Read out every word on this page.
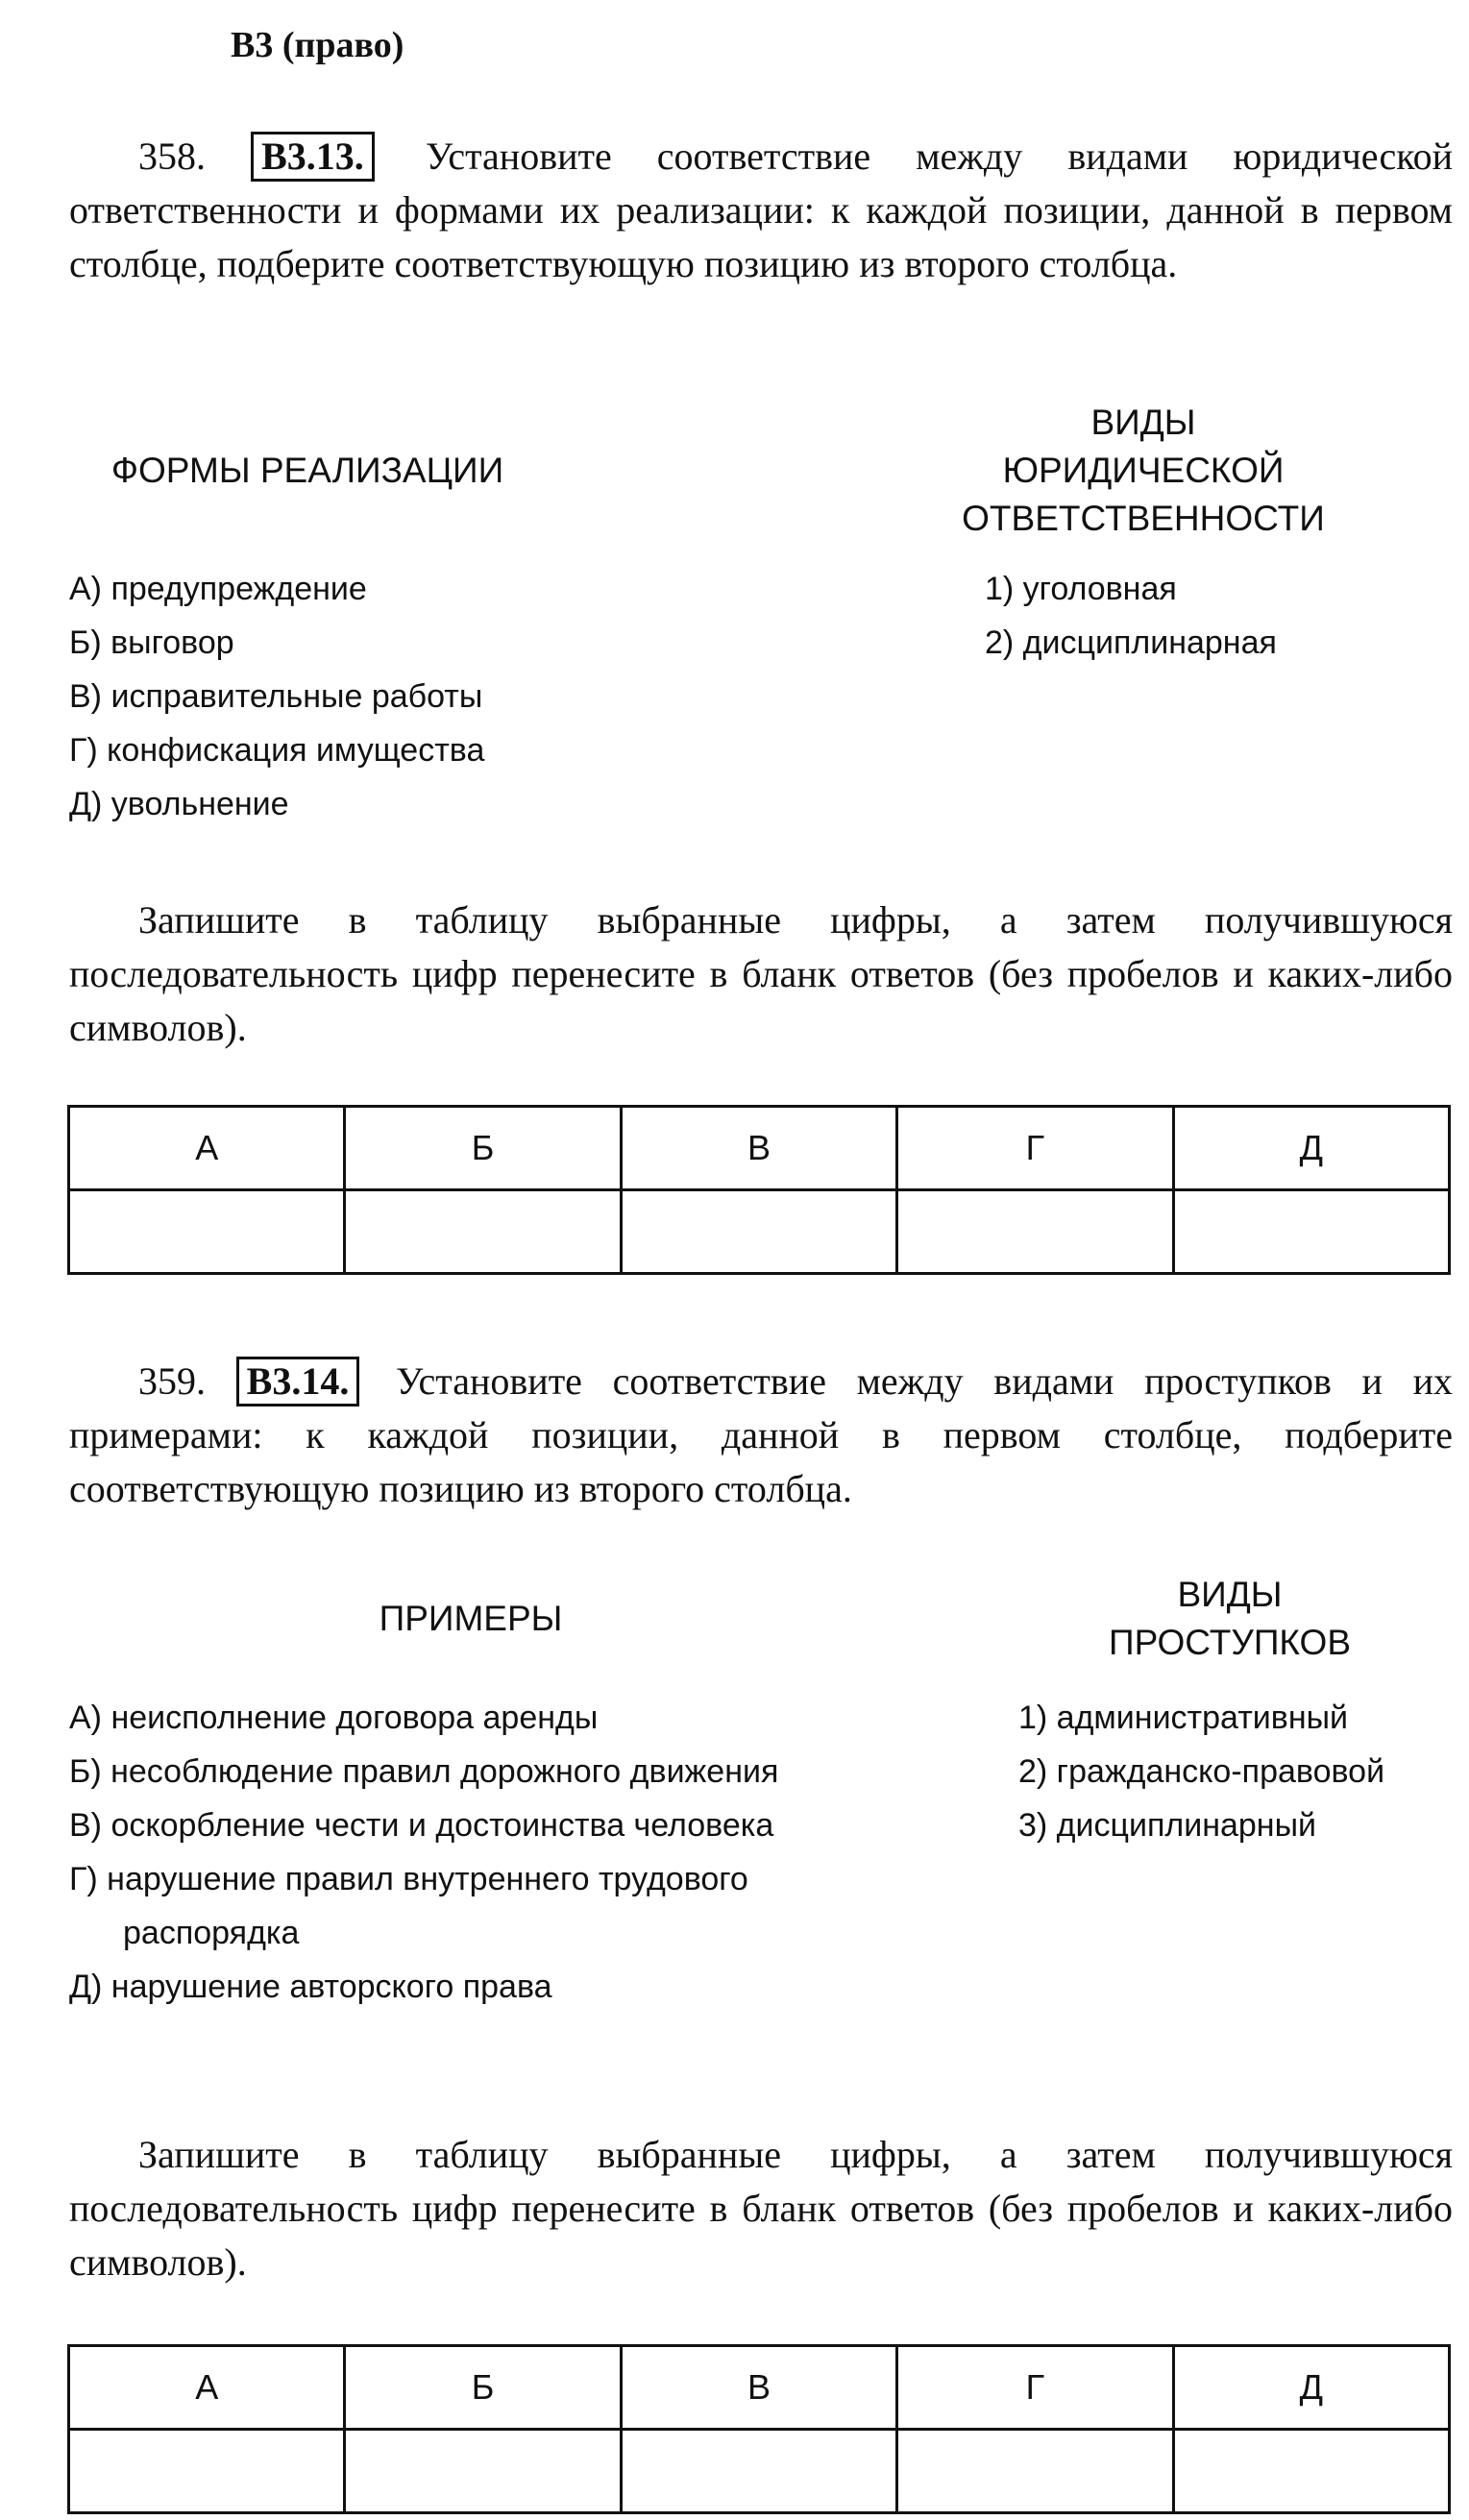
В3 (право)

358. В3.13. Установите соответствие между видами юридической ответственности и формами их реализации: к каждой позиции, данной в первом столбце, подберите соответствующую позицию из второго столбца.

ФОРМЫ РЕАЛИЗАЦИИ
ВИДЫ
ЮРИДИЧЕСКОЙ
ОТВЕТСТВЕННОСТИ
А) предупреждение
Б) выговор
В) исправительные работы
Г) конфискация имущества
Д) увольнение
1) уголовная
2) дисциплинарная

Запишите в таблицу выбранные цифры, а затем получившуюся последовательность цифр перенесите в бланк ответов (без пробелов и каких-либо символов).

А	Б	В	Г	Д

359. В3.14. Установите соответствие между видами проступков и их примерами: к каждой позиции, данной в первом столбце, подберите соответствующую позицию из второго столбца.

ПРИМЕРЫ
ВИДЫ
ПРОСТУПКОВ
А) неисполнение договора аренды
Б) несоблюдение правил дорожного движения
В) оскорбление чести и достоинства человека
Г) нарушение правил внутреннего трудового распорядка
Д) нарушение авторского права
1) административный
2) гражданско-правовой
3) дисциплинарный

Запишите в таблицу выбранные цифры, а затем получившуюся последовательность цифр перенесите в бланк ответов (без пробелов и каких-либо символов).

А	Б	В	Г	Д
